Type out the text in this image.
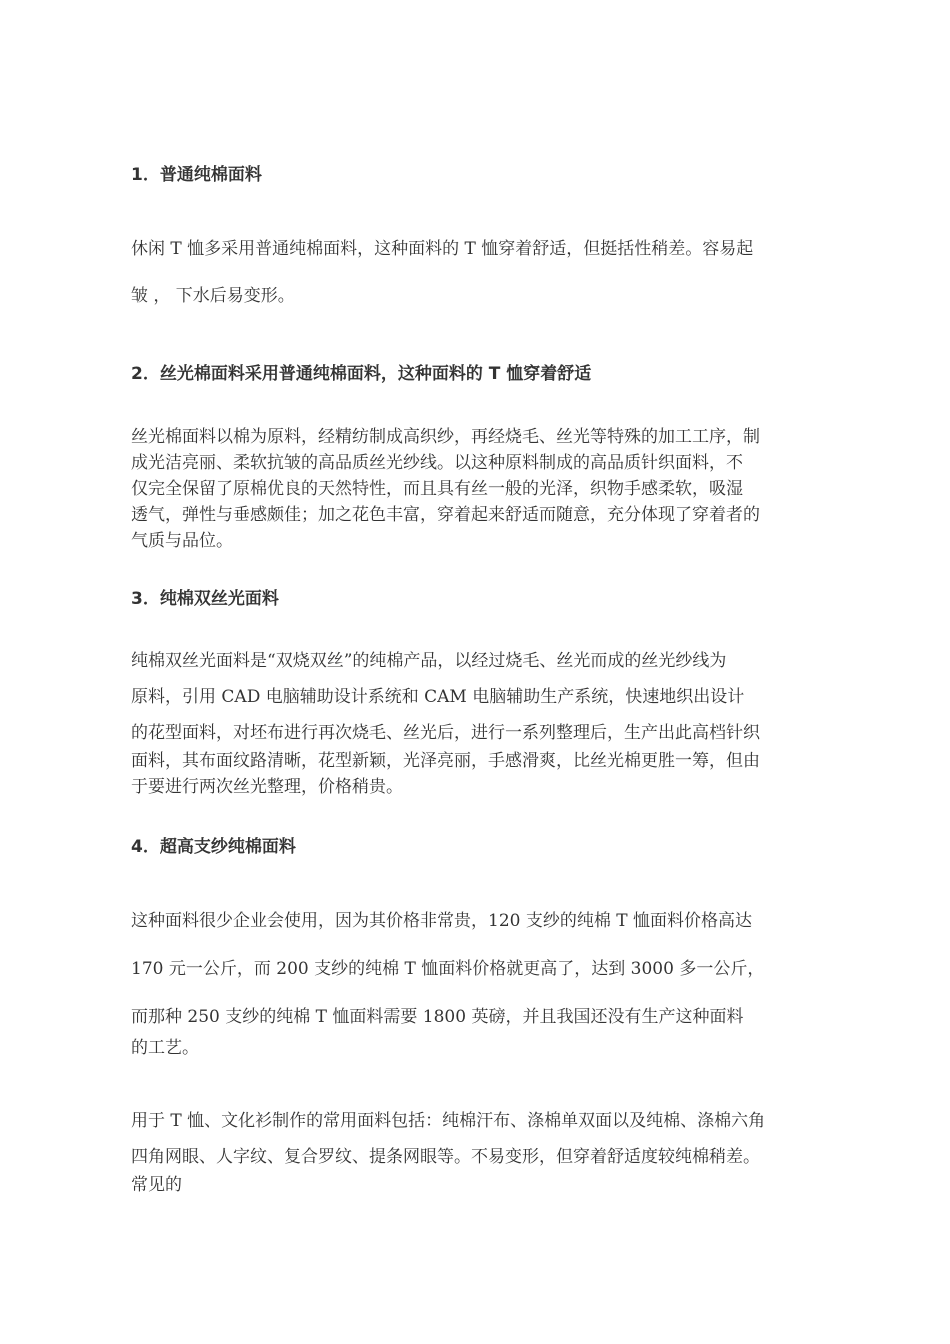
1．普通纯棉面料
休闲 T 恤多采用普通纯棉面料，这种面料的 T 恤穿着舒适，但挺括性稍差。容易起
皱 ， 下水后易变形。
2．丝光棉面料采用普通纯棉面料，这种面料的 T 恤穿着舒适
丝光棉面料以棉为原料，经精纺制成高织纱，再经烧毛、丝光等特殊的加工工序，制
成光洁亮丽、柔软抗皱的高品质丝光纱线。以这种原料制成的高品质针织面料，不
仅完全保留了原棉优良的天然特性，而且具有丝一般的光泽，织物手感柔软，吸湿
透气，弹性与垂感颇佳；加之花色丰富，穿着起来舒适而随意，充分体现了穿着者的
气质与品位。
3．纯棉双丝光面料
纯棉双丝光面料是“双烧双丝”的纯棉产品，以经过烧毛、丝光而成的丝光纱线为
原料，引用 CAD 电脑辅助设计系统和 CAM 电脑辅助生产系统，快速地织出设计
的花型面料，对坯布进行再次烧毛、丝光后，进行一系列整理后，生产出此高档针织
面料，其布面纹路清晰，花型新颖，光泽亮丽，手感滑爽，比丝光棉更胜一筹，但由
于要进行两次丝光整理，价格稍贵。
4．超高支纱纯棉面料
这种面料很少企业会使用，因为其价格非常贵，120 支纱的纯棉 T 恤面料价格高达
170 元一公斤，而 200 支纱的纯棉 T 恤面料价格就更高了，达到 3000 多一公斤，
而那种 250 支纱的纯棉 T 恤面料需要 1800 英磅，并且我国还没有生产这种面料
的工艺。
用于 T 恤、文化衫制作的常用面料包括：纯棉汗布、涤棉单双面以及纯棉、涤棉六角
四角网眼、人字纹、复合罗纹、提条网眼等。不易变形，但穿着舒适度较纯棉稍差。
常见的
